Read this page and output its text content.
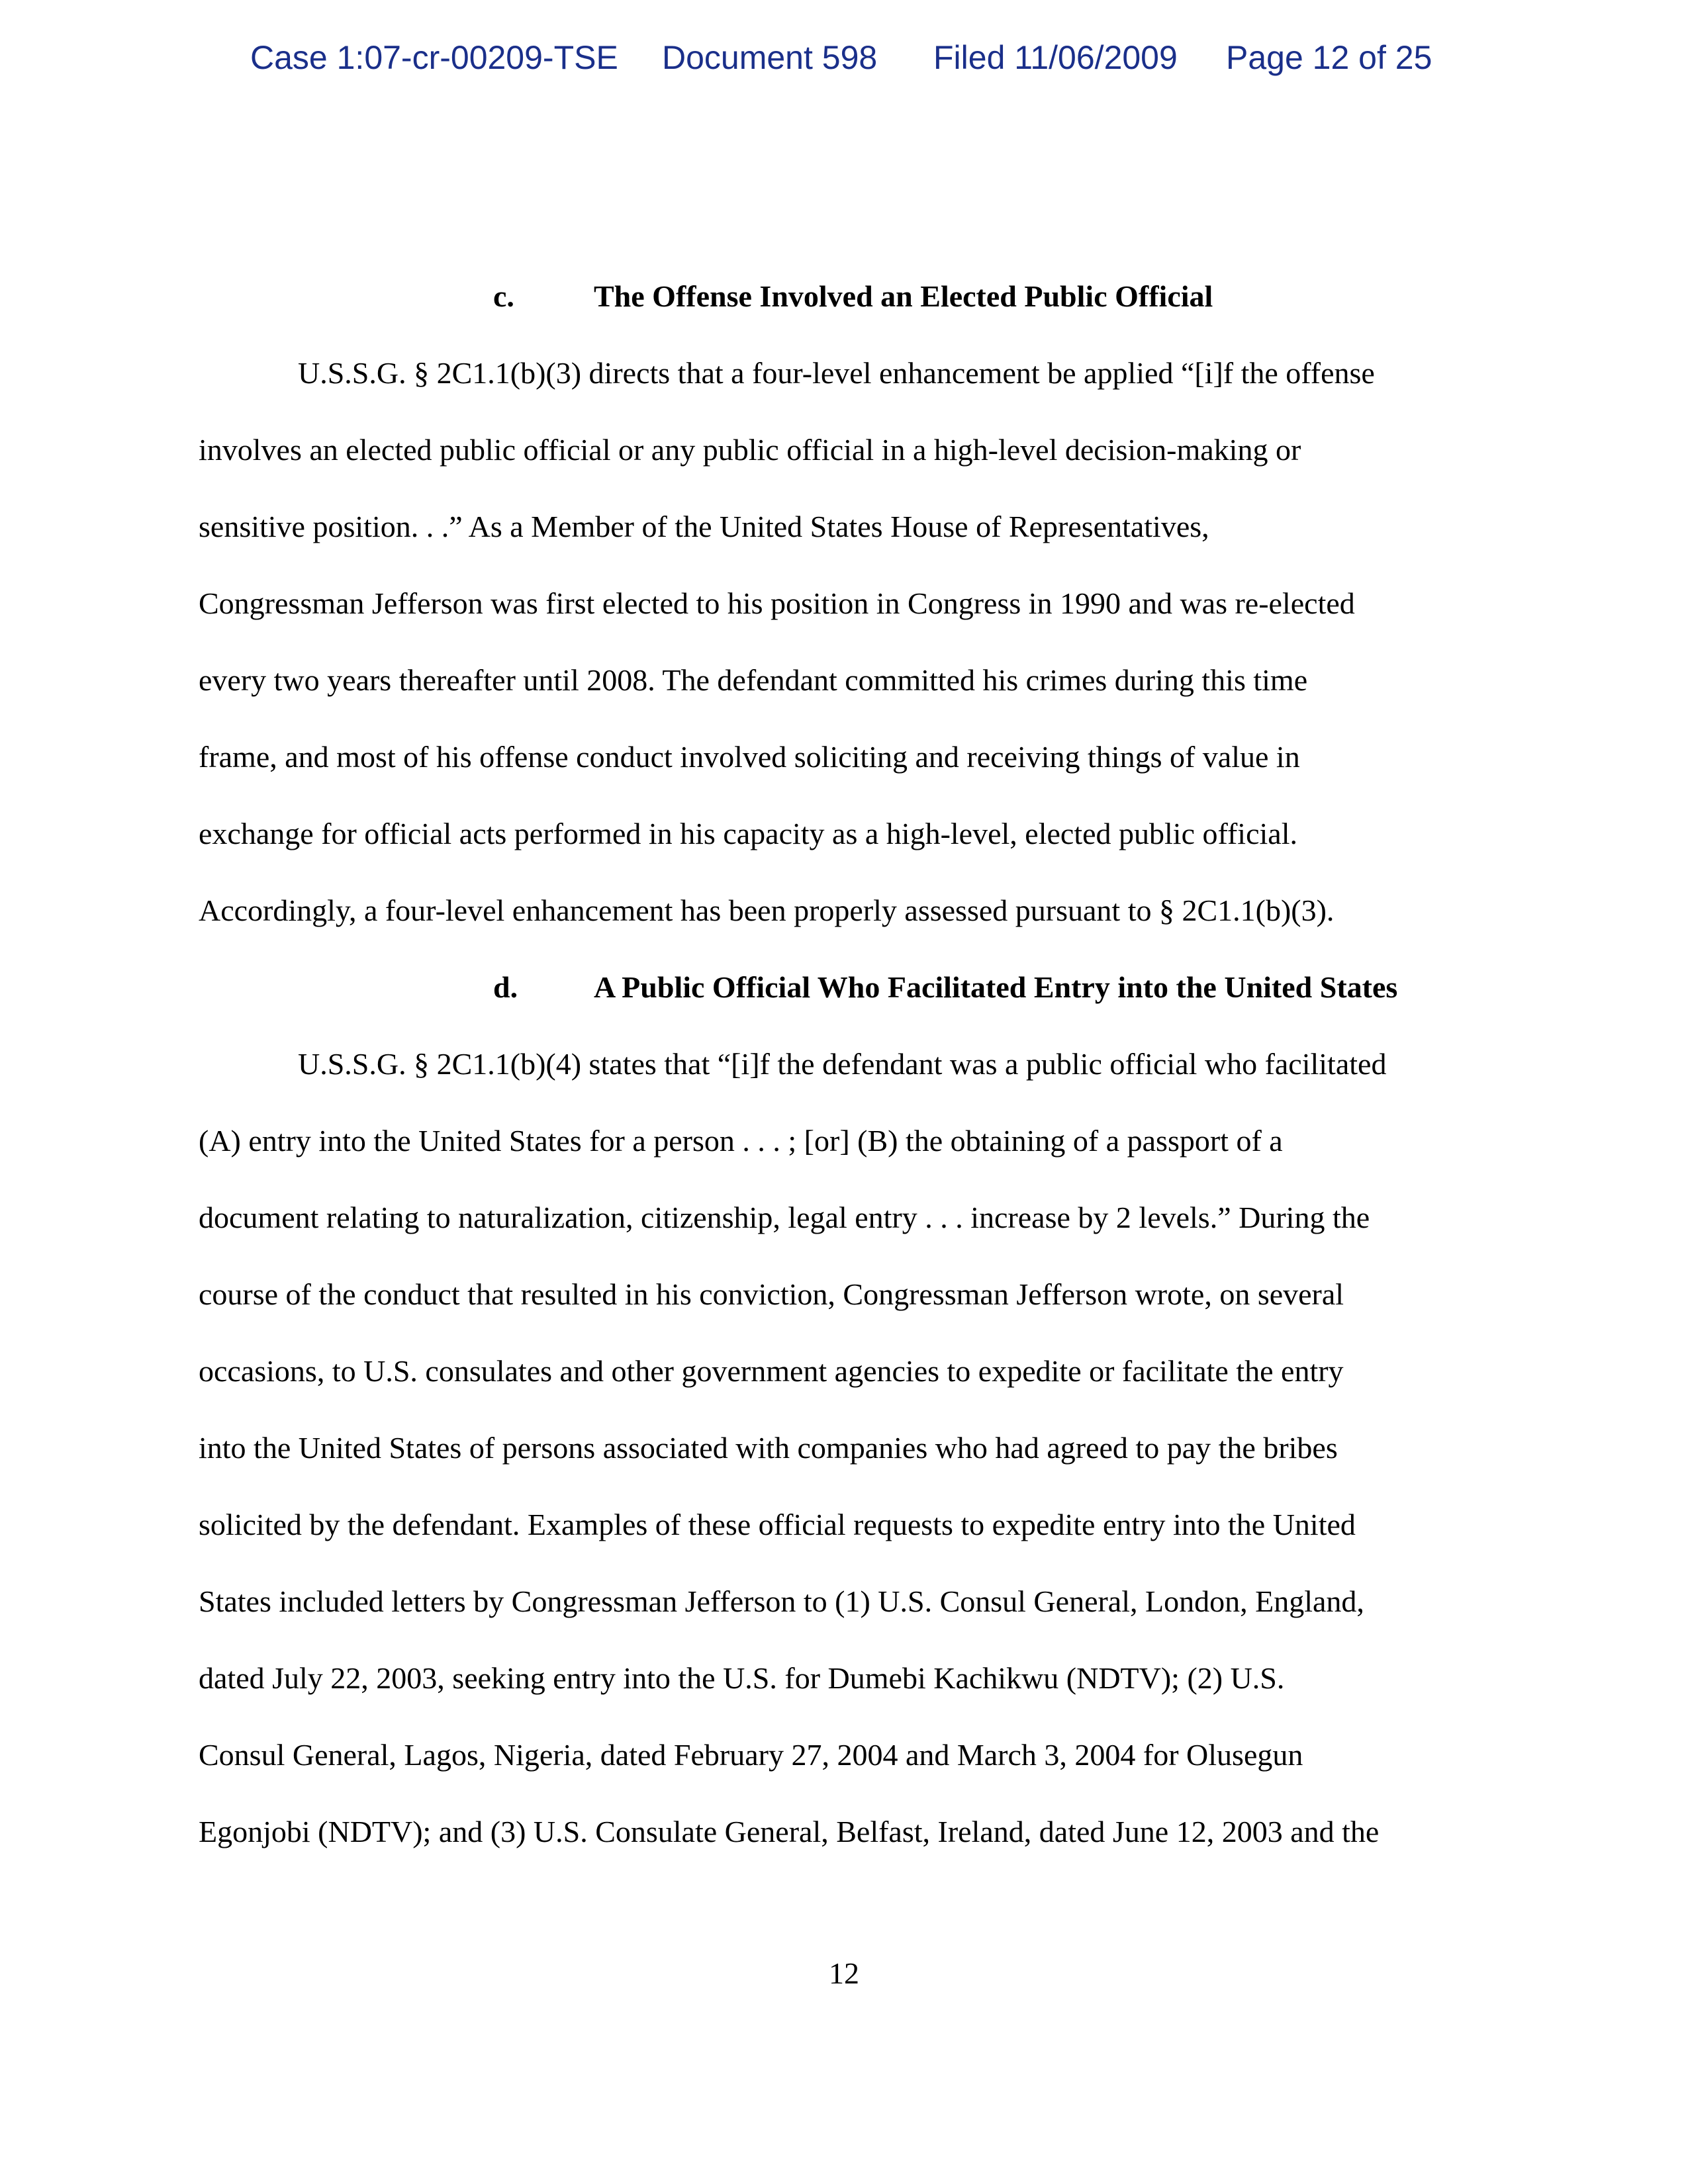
Case 1:07-cr-00209-TSE Document 598 Filed 11/06/2009 Page 12 of 25
c.	The Offense Involved an Elected Public Official
U.S.S.G. § 2C1.1(b)(3) directs that a four-level enhancement be applied “[i]f the offense
involves an elected public official or any public official in a high-level decision-making or
sensitive position. . .” As a Member of the United States House of Representatives,
Congressman Jefferson was first elected to his position in Congress in 1990 and was re-elected
every two years thereafter until 2008. The defendant committed his crimes during this time
frame, and most of his offense conduct involved soliciting and receiving things of value in
exchange for official acts performed in his capacity as a high-level, elected public official.
Accordingly, a four-level enhancement has been properly assessed pursuant to § 2C1.1(b)(3).
d. A Public Official Who Facilitated Entry into the United States
U.S.S.G. § 2C1.1(b)(4) states that “[i]f the defendant was a public official who facilitated
(A) entry into the United States for a person . . . ; [or] (B) the obtaining of a passport of a
document relating to naturalization, citizenship, legal entry . . . increase by 2 levels.” During the
course of the conduct that resulted in his conviction, Congressman Jefferson wrote, on several
occasions, to U.S. consulates and other government agencies to expedite or facilitate the entry
into the United States of persons associated with companies who had agreed to pay the bribes
solicited by the defendant. Examples of these official requests to expedite entry into the United
States included letters by Congressman Jefferson to (1) U.S. Consul General, London, England,
dated July 22, 2003, seeking entry into the U.S. for Dumebi Kachikwu (NDTV); (2) U.S.
Consul General, Lagos, Nigeria, dated February 27, 2004 and March 3, 2004 for Olusegun
Egonjobi (NDTV); and (3) U.S. Consulate General, Belfast, Ireland, dated June 12, 2003 and the
12
